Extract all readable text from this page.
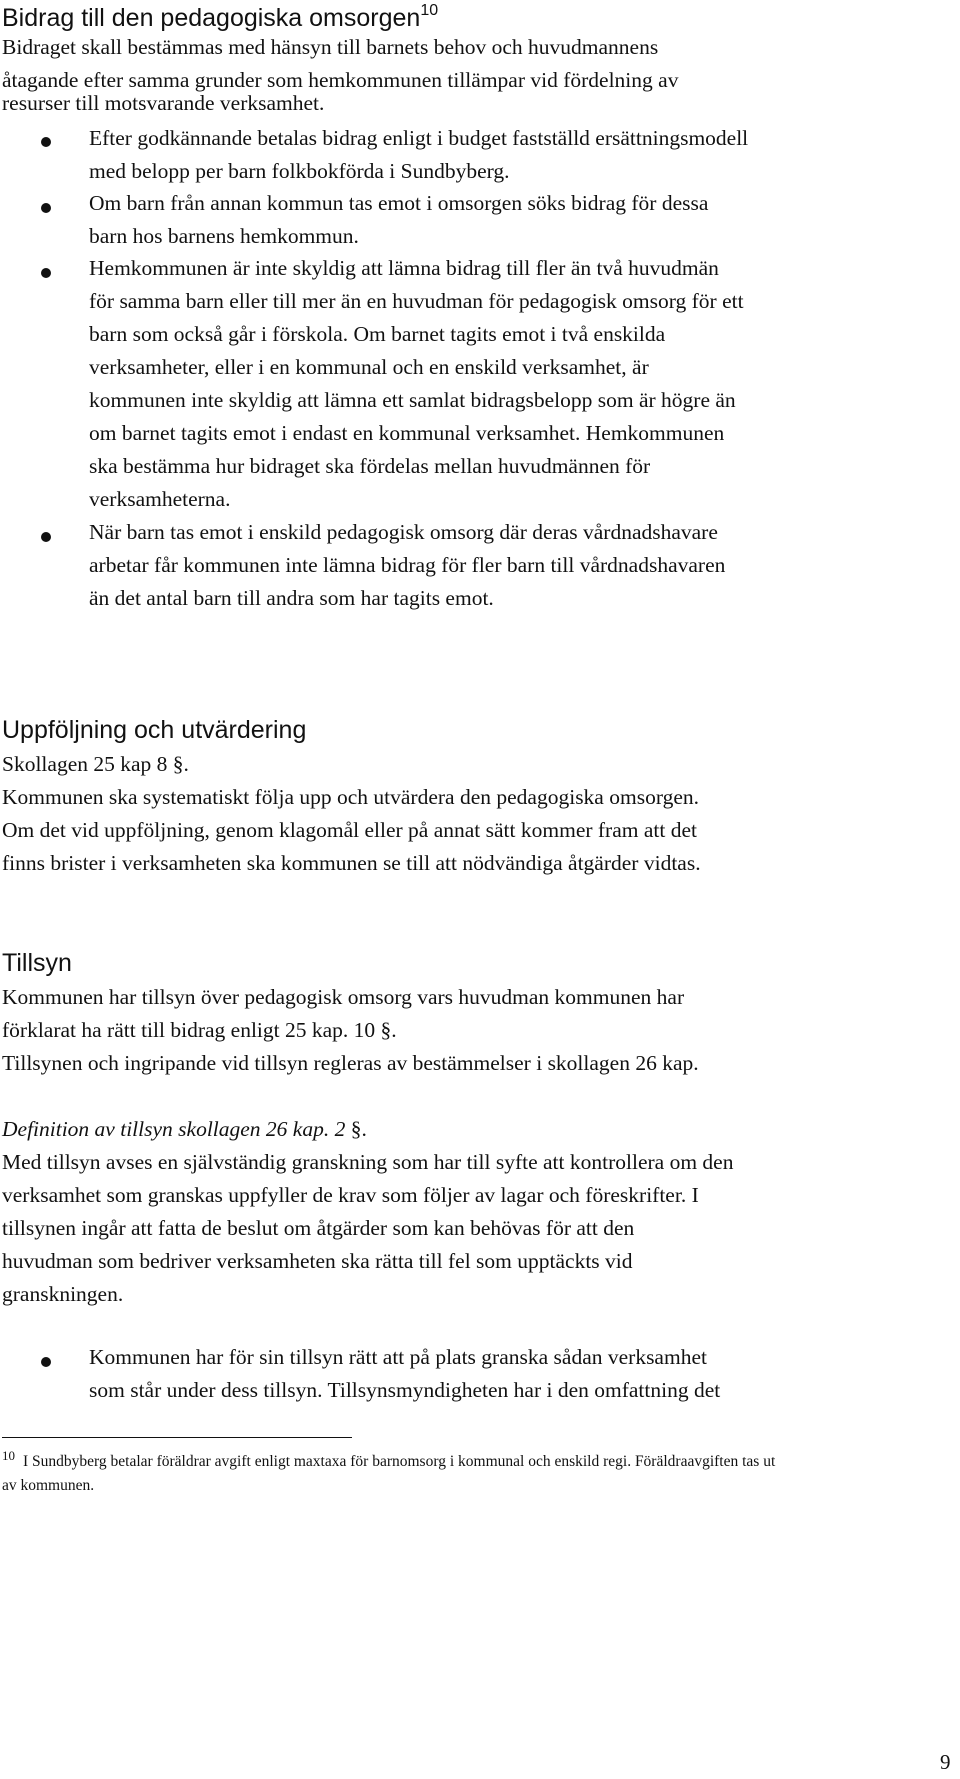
Bidrag till den pedagogiska omsorgen$^{10}$

Bidraget skall bestämmas med hänsyn till barnets behov och huvudmannens

åtagande efter samma grunder som hemkommunen tillämpar vid fördelning av

resurser till motsvarande verksamhet.

Efter godkännande betalas bidrag enligt i budget fastställd ersättningsmodell

med belopp per barn folkbokförda i Sundbyberg.

Om barn från annan kommun tas emot i omsorgen söks bidrag för dessa

barn hos barnens hemkommun.

Hemkommunen är inte skyldig att lämna bidrag till fler än två huvudmän

för samma barn eller till mer än en huvudman för pedagogisk omsorg för ett

barn som också går i förskola. Om barnet tagits emot i två enskilda

verksamheter, eller i en kommunal och en enskild verksamhet, är

kommunen inte skyldig att lämna ett samlat bidragsbelopp som är högre än

om barnet tagits emot i endast en kommunal verksamhet. Hemkommunen

ska bestämma hur bidraget ska fördelas mellan huvudmännen för

verksamheterna.

När barn tas emot i enskild pedagogisk omsorg där deras vårdnadshavare

arbetar får kommunen inte lämna bidrag för fler barn till vårdnadshavaren

än det antal barn till andra som har tagits emot.

Uppföljning och utvärdering

Skollagen 25 kap 8 §.

Kommunen ska systematiskt följa upp och utvärdera den pedagogiska omsorgen.

Om det vid uppföljning, genom klagomål eller på annat sätt kommer fram att det

finns brister i verksamheten ska kommunen se till att nödvändiga åtgärder vidtas.

Tillsyn

Kommunen har tillsyn över pedagogisk omsorg vars huvudman kommunen har

förklarat ha rätt till bidrag enligt 25 kap. 10 §.

Tillsynen och ingripande vid tillsyn regleras av bestämmelser i skollagen 26 kap.

Definition av tillsyn skollagen 26 kap. 2 §.

Med tillsyn avses en självständig granskning som har till syfte att kontrollera om den

verksamhet som granskas uppfyller de krav som följer av lagar och föreskrifter. I

tillsynen ingår att fatta de beslut om åtgärder som kan behövas för att den

huvudman som bedriver verksamheten ska rätta till fel som upptäckts vid

granskningen.

Kommunen har för sin tillsyn rätt att på plats granska sådan verksamhet

som står under dess tillsyn. Tillsynsmyndigheten har i den omfattning det

$^{10}$ I Sundbyberg betalar föräldrar avgift enligt maxtaxa för barnomsorg i kommunal och enskild regi. Föräldraavgiften tas ut
av kommunen.

9
